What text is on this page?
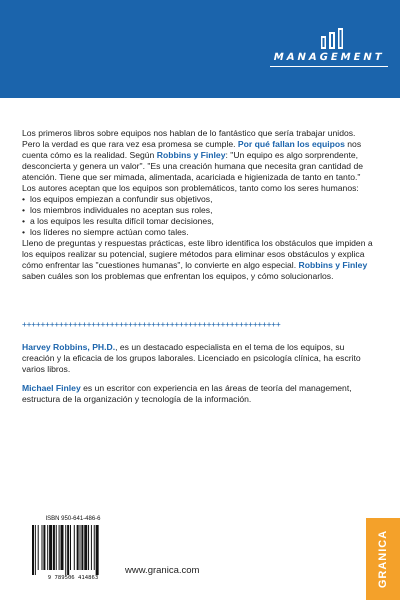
MANAGEMENT

Los primeros libros sobre equipos nos hablan de lo fantástico que sería trabajar unidos. Pero la verdad es que rara vez esa promesa se cumple. Por qué fallan los equipos nos cuenta cómo es la realidad. Según Robbins y Finley: "Un equipo es algo sorprendente, desconcierta y genera un valor". "Es una creación humana que necesita gran cantidad de atención. Tiene que ser mimada, alimentada, acariciada e higienizada de tanto en tanto."

Los autores aceptan que los equipos son problemáticos, tanto como los seres humanos:

• los equipos empiezan a confundir sus objetivos,
• los miembros individuales no aceptan sus roles,
• a los equipos les resulta difícil tomar decisiones,
• los líderes no siempre actúan como tales.

Lleno de preguntas y respuestas prácticas, este libro identifica los obstáculos que impiden a los equipos realizar su potencial, sugiere métodos para eliminar esos obstáculos y explica cómo enfrentar las "cuestiones humanas", lo convierte en algo especial. Robbins y Finley saben cuáles son los problemas que enfrentan los equipos, y cómo solucionarlos.

++++++++++++++++++++++++++++++++++++++++++++++++++++++++

Harvey Robbins, PH.D., es un destacado especialista en el tema de los equipos, su creación y la eficacia de los grupos laborales. Licenciado en psicología clínica, ha escrito varios libros.

Michael Finley es un escritor con experiencia en las áreas de teoría del management, estructura de la organización y tecnología de la información.

ISBN 950-641-486-6
9 789506 414863
www.granica.com	GRANICA
